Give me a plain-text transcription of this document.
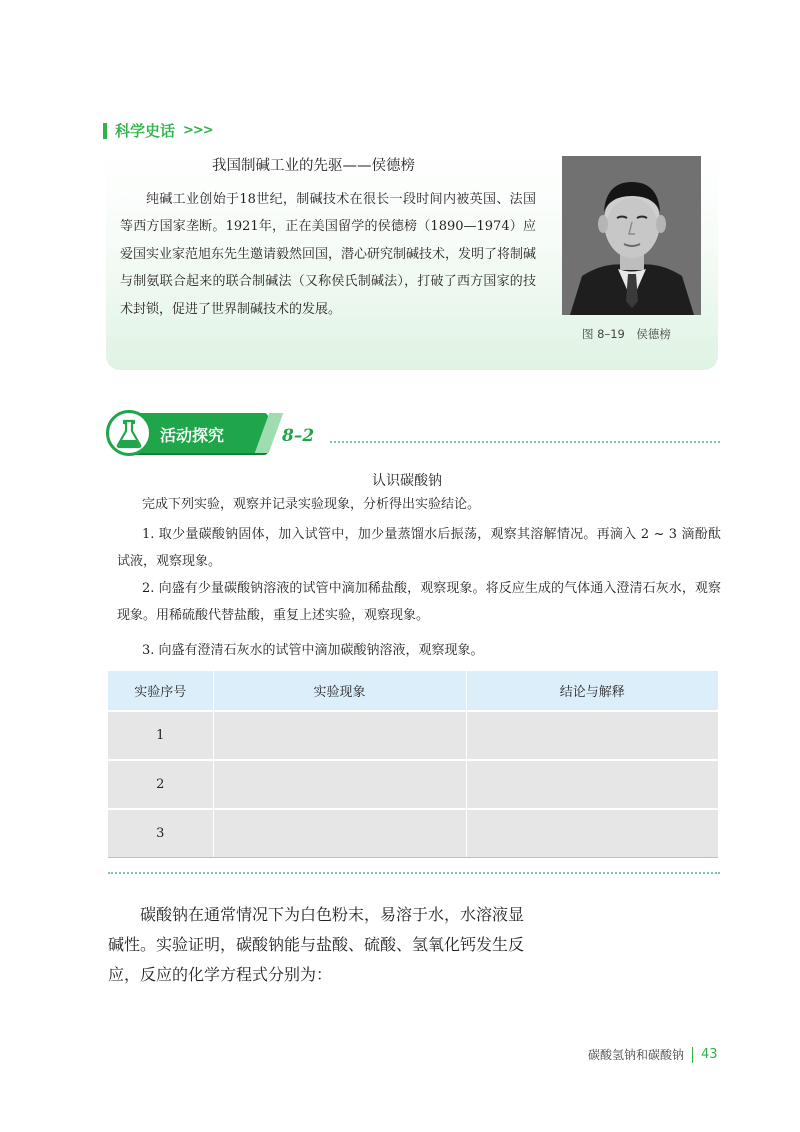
科学史话 >>>
我国制碱工业的先驱——侯德榜
纯碱工业创始于18世纪，制碱技术在很长一段时间内被英国、法国等西方国家垄断。1921年，正在美国留学的侯德榜（1890—1974）应爱国实业家范旭东先生邀请毅然回国，潜心研究制碱技术，发明了将制碱与制氨联合起来的联合制碱法（又称侯氏制碱法），打破了西方国家的技术封锁，促进了世界制碱技术的发展。
图 8–19　侯德榜
活动探究	8–2
认识碳酸钠
完成下列实验，观察并记录实验现象，分析得出实验结论。
1. 取少量碳酸钠固体，加入试管中，加少量蒸馏水后振荡，观察其溶解情况。再滴入 2 ~ 3 滴酚酞试液，观察现象。
2. 向盛有少量碳酸钠溶液的试管中滴加稀盐酸，观察现象。将反应生成的气体通入澄清石灰水，观察现象。用稀硫酸代替盐酸，重复上述实验，观察现象。
3. 向盛有澄清石灰水的试管中滴加碳酸钠溶液，观察现象。
实验序号	实验现象	结论与解释
1		
2		
3		
碳酸钠在通常情况下为白色粉末，易溶于水，水溶液显碱性。实验证明，碳酸钠能与盐酸、硫酸、氢氧化钙发生反应，反应的化学方程式分别为：
碳酸氢钠和碳酸钠 43
